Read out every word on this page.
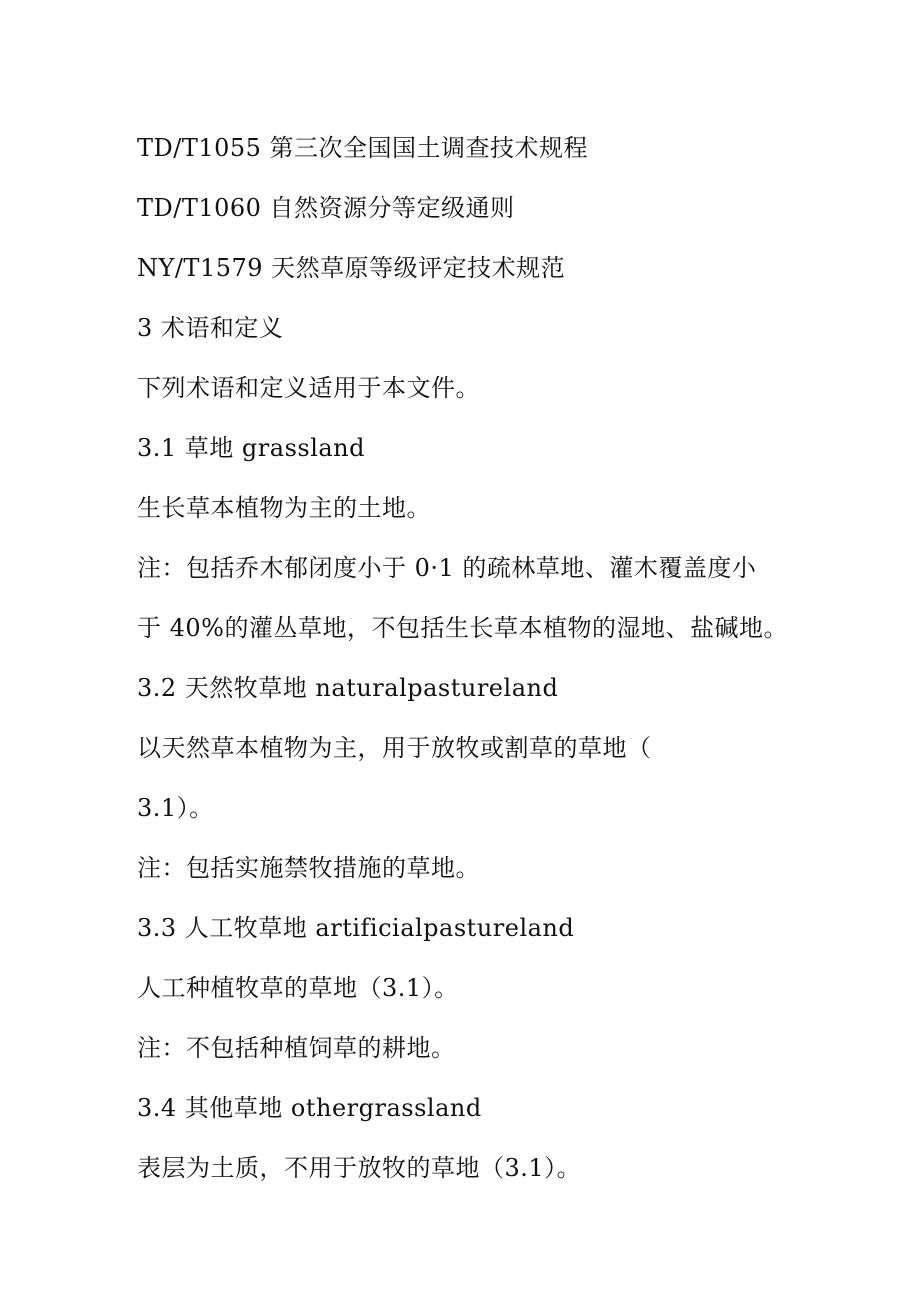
TD/T1055 第三次全国国土调查技术规程
TD/T1060 自然资源分等定级通则
NY/T1579 天然草原等级评定技术规范
3 术语和定义
下列术语和定义适用于本文件。
3.1 草地 grassland
生长草本植物为主的土地。
注：包括乔木郁闭度小于 0·1 的疏林草地、灌木覆盖度小
于 40%的灌丛草地，不包括生长草本植物的湿地、盐碱地。
3.2 天然牧草地 naturalpastureland
以天然草本植物为主，用于放牧或割草的草地（
3.1）。
注：包括实施禁牧措施的草地。
3.3 人工牧草地 artificialpastureland
人工种植牧草的草地（3.1）。
注：不包括种植饲草的耕地。
3.4 其他草地 othergrassland
表层为土质，不用于放牧的草地（3.1）。
